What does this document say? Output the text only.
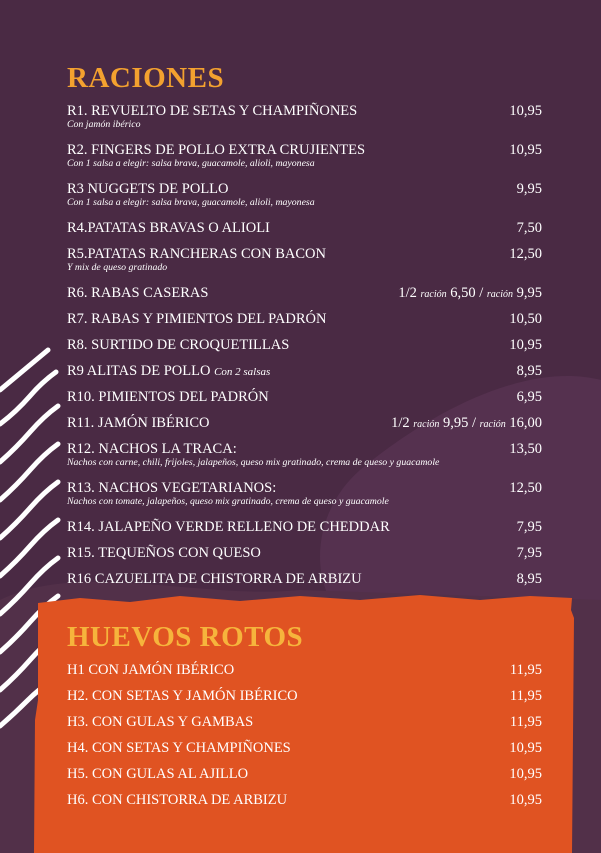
RACIONES
R1. REVUELTO DE SETAS Y CHAMPIÑONES	10,95
Con jamón ibérico
R2. FINGERS DE POLLO EXTRA CRUJIENTES	10,95
Con 1 salsa a elegir: salsa brava, guacamole, alioli, mayonesa
R3 NUGGETS DE POLLO	9,95
Con 1 salsa a elegir: salsa brava, guacamole, alioli, mayonesa
R4.PATATAS BRAVAS O ALIOLI	7,50
R5.PATATAS RANCHERAS CON BACON	12,50
Y mix de queso gratinado
R6. RABAS CASERAS	1/2 ración 6,50 / ración 9,95
R7. RABAS Y PIMIENTOS DEL PADRÓN	10,50
R8. SURTIDO DE CROQUETILLAS	10,95
R9 ALITAS DE POLLO Con 2 salsas	8,95
R10. PIMIENTOS DEL PADRÓN	6,95
R11. JAMÓN IBÉRICO	1/2 ración 9,95 / ración 16,00
R12. NACHOS LA TRACA:	13,50
Nachos con carne, chili, frijoles, jalapeños, queso mix gratinado, crema de queso y guacamole
R13. NACHOS VEGETARIANOS:	12,50
Nachos con tomate, jalapeños, queso mix gratinado, crema de queso y guacamole
R14. JALAPEÑO VERDE RELLENO DE CHEDDAR	7,95
R15. TEQUEÑOS CON QUESO	7,95
R16 CAZUELITA DE CHISTORRA DE ARBIZU	8,95
HUEVOS ROTOS
H1 CON JAMÓN IBÉRICO	11,95
H2. CON SETAS Y JAMÓN IBÉRICO	11,95
H3. CON GULAS Y GAMBAS	11,95
H4. CON SETAS Y CHAMPIÑONES	10,95
H5. CON GULAS AL AJILLO	10,95
H6. CON CHISTORRA DE ARBIZU	10,95
